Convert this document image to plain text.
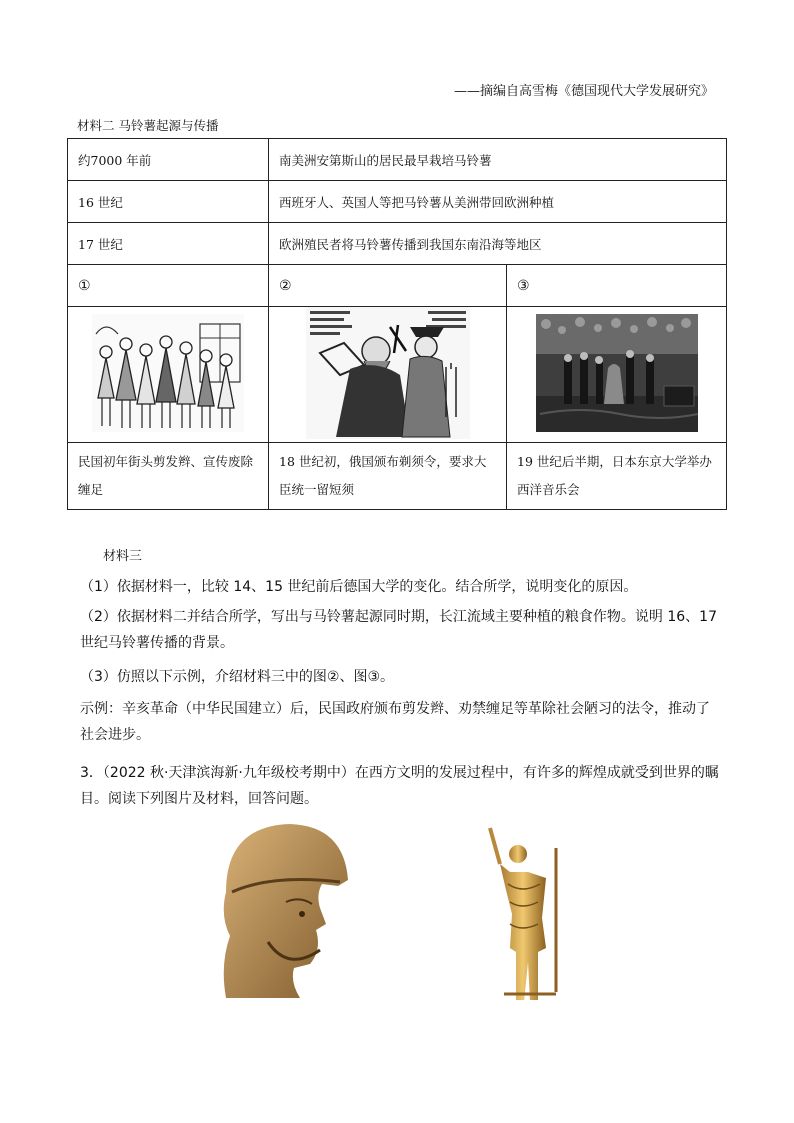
——摘编自高雪梅《德国现代大学发展研究》
材料二 马铃薯起源与传播
约7000 年前	南美洲安第斯山的居民最早栽培马铃薯	
16 世纪	西班牙人、英国人等把马铃薯从美洲带回欧洲种植	
17 世纪	欧洲殖民者将马铃薯传播到我国东南沿海等地区	
①	②	③

民国初年街头剪发辫、宣传废除缠足	18 世纪初，俄国颁布剃须令，要求大臣统一留短须	19 世纪后半期，日本东京大学举办西洋音乐会
材料三
（1）依据材料一，比较 14、15 世纪前后德国大学的变化。结合所学，说明变化的原因。
（2）依据材料二并结合所学，写出与马铃薯起源同时期，长江流域主要种植的粮食作物。说明 16、17 世纪马铃薯传播的背景。
（3）仿照以下示例，介绍材料三中的图②、图③。
示例：辛亥革命（中华民国建立）后，民国政府颁布剪发辫、劝禁缠足等革除社会陋习的法令，推动了社会进步。
3．（2022 秋·天津滨海新·九年级校考期中）在西方文明的发展过程中，有许多的辉煌成就受到世界的瞩目。阅读下列图片及材料，回答问题。
